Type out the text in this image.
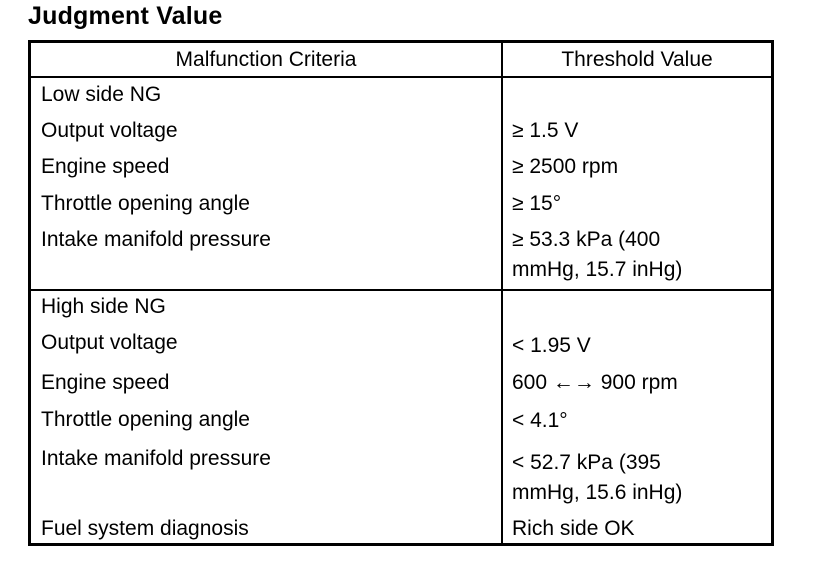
Judgment Value
Malfunction Criteria	Threshold Value
Low side NG
Output voltage	≥ 1.5 V
Engine speed	≥ 2500 rpm
Throttle opening angle	≥ 15°
Intake manifold pressure	≥ 53.3 kPa (400
mmHg, 15.7 inHg)
High side NG
Output voltage	< 1.95 V
Engine speed	600 ←→ 900 rpm
Throttle opening angle	< 4.1°
Intake manifold pressure	< 52.7 kPa (395
mmHg, 15.6 inHg)
Fuel system diagnosis	Rich side OK
